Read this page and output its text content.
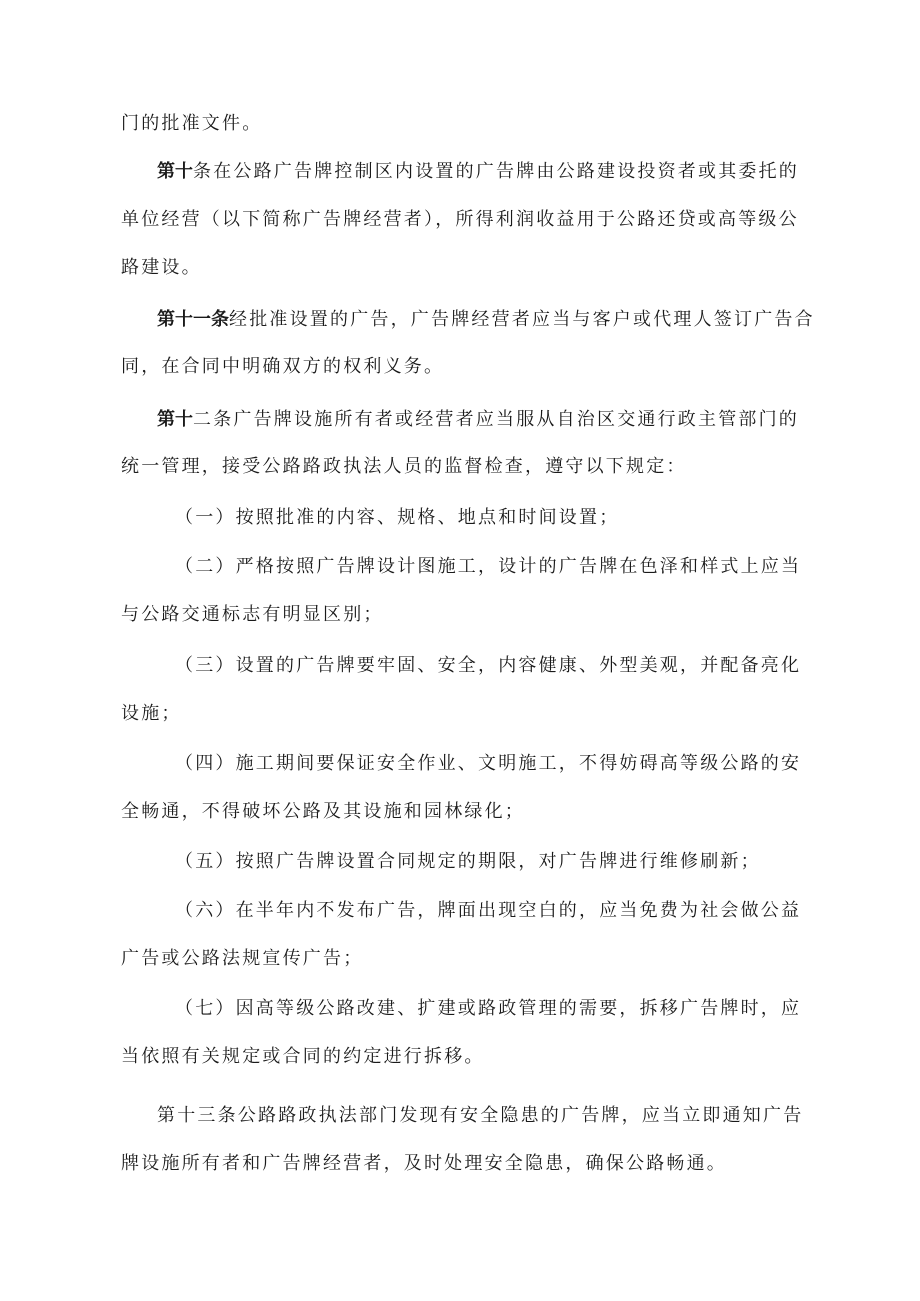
门的批准文件。
第十条在公路广告牌控制区内设置的广告牌由公路建设投资者或其委托的
单位经营（以下简称广告牌经营者），所得利润收益用于公路还贷或高等级公
路建设。
第十一条经批准设置的广告，广告牌经营者应当与客户或代理人签订广告合
同，在合同中明确双方的权利义务。
第十二条广告牌设施所有者或经营者应当服从自治区交通行政主管部门的
统一管理，接受公路路政执法人员的监督检查，遵守以下规定：
（一）按照批准的内容、规格、地点和时间设置；
（二）严格按照广告牌设计图施工，设计的广告牌在色泽和样式上应当
与公路交通标志有明显区别；
（三）设置的广告牌要牢固、安全，内容健康、外型美观，并配备亮化
设施；
（四）施工期间要保证安全作业、文明施工，不得妨碍高等级公路的安
全畅通，不得破坏公路及其设施和园林绿化；
（五）按照广告牌设置合同规定的期限，对广告牌进行维修刷新；
（六）在半年内不发布广告，牌面出现空白的，应当免费为社会做公益
广告或公路法规宣传广告；
（七）因高等级公路改建、扩建或路政管理的需要，拆移广告牌时，应
当依照有关规定或合同的约定进行拆移。
第十三条公路路政执法部门发现有安全隐患的广告牌，应当立即通知广告
牌设施所有者和广告牌经营者，及时处理安全隐患，确保公路畅通。
